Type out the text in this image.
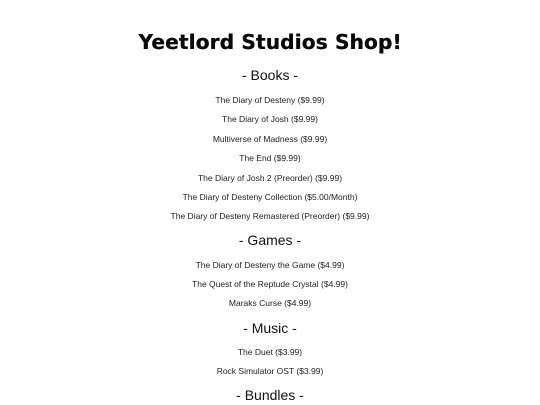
Yeetlord Studios Shop!
- Books -
The Diary of Desteny ($9.99)
The Diary of Josh ($9.99)
Multiverse of Madness ($9.99)
The End ($9.99)
The Diary of Josh 2 (Preorder) ($9.99)
The Diary of Desteny Collection ($5.00/Month)
The Diary of Desteny Remastered (Preorder) ($9.99)
- Games -
The Diary of Desteny the Game ($4.99)
The Quest of the Reptude Crystal ($4.99)
Maraks Curse ($4.99)
- Music -
The Duet ($3.99)
Rock Simulator OST ($3.99)
- Bundles -
